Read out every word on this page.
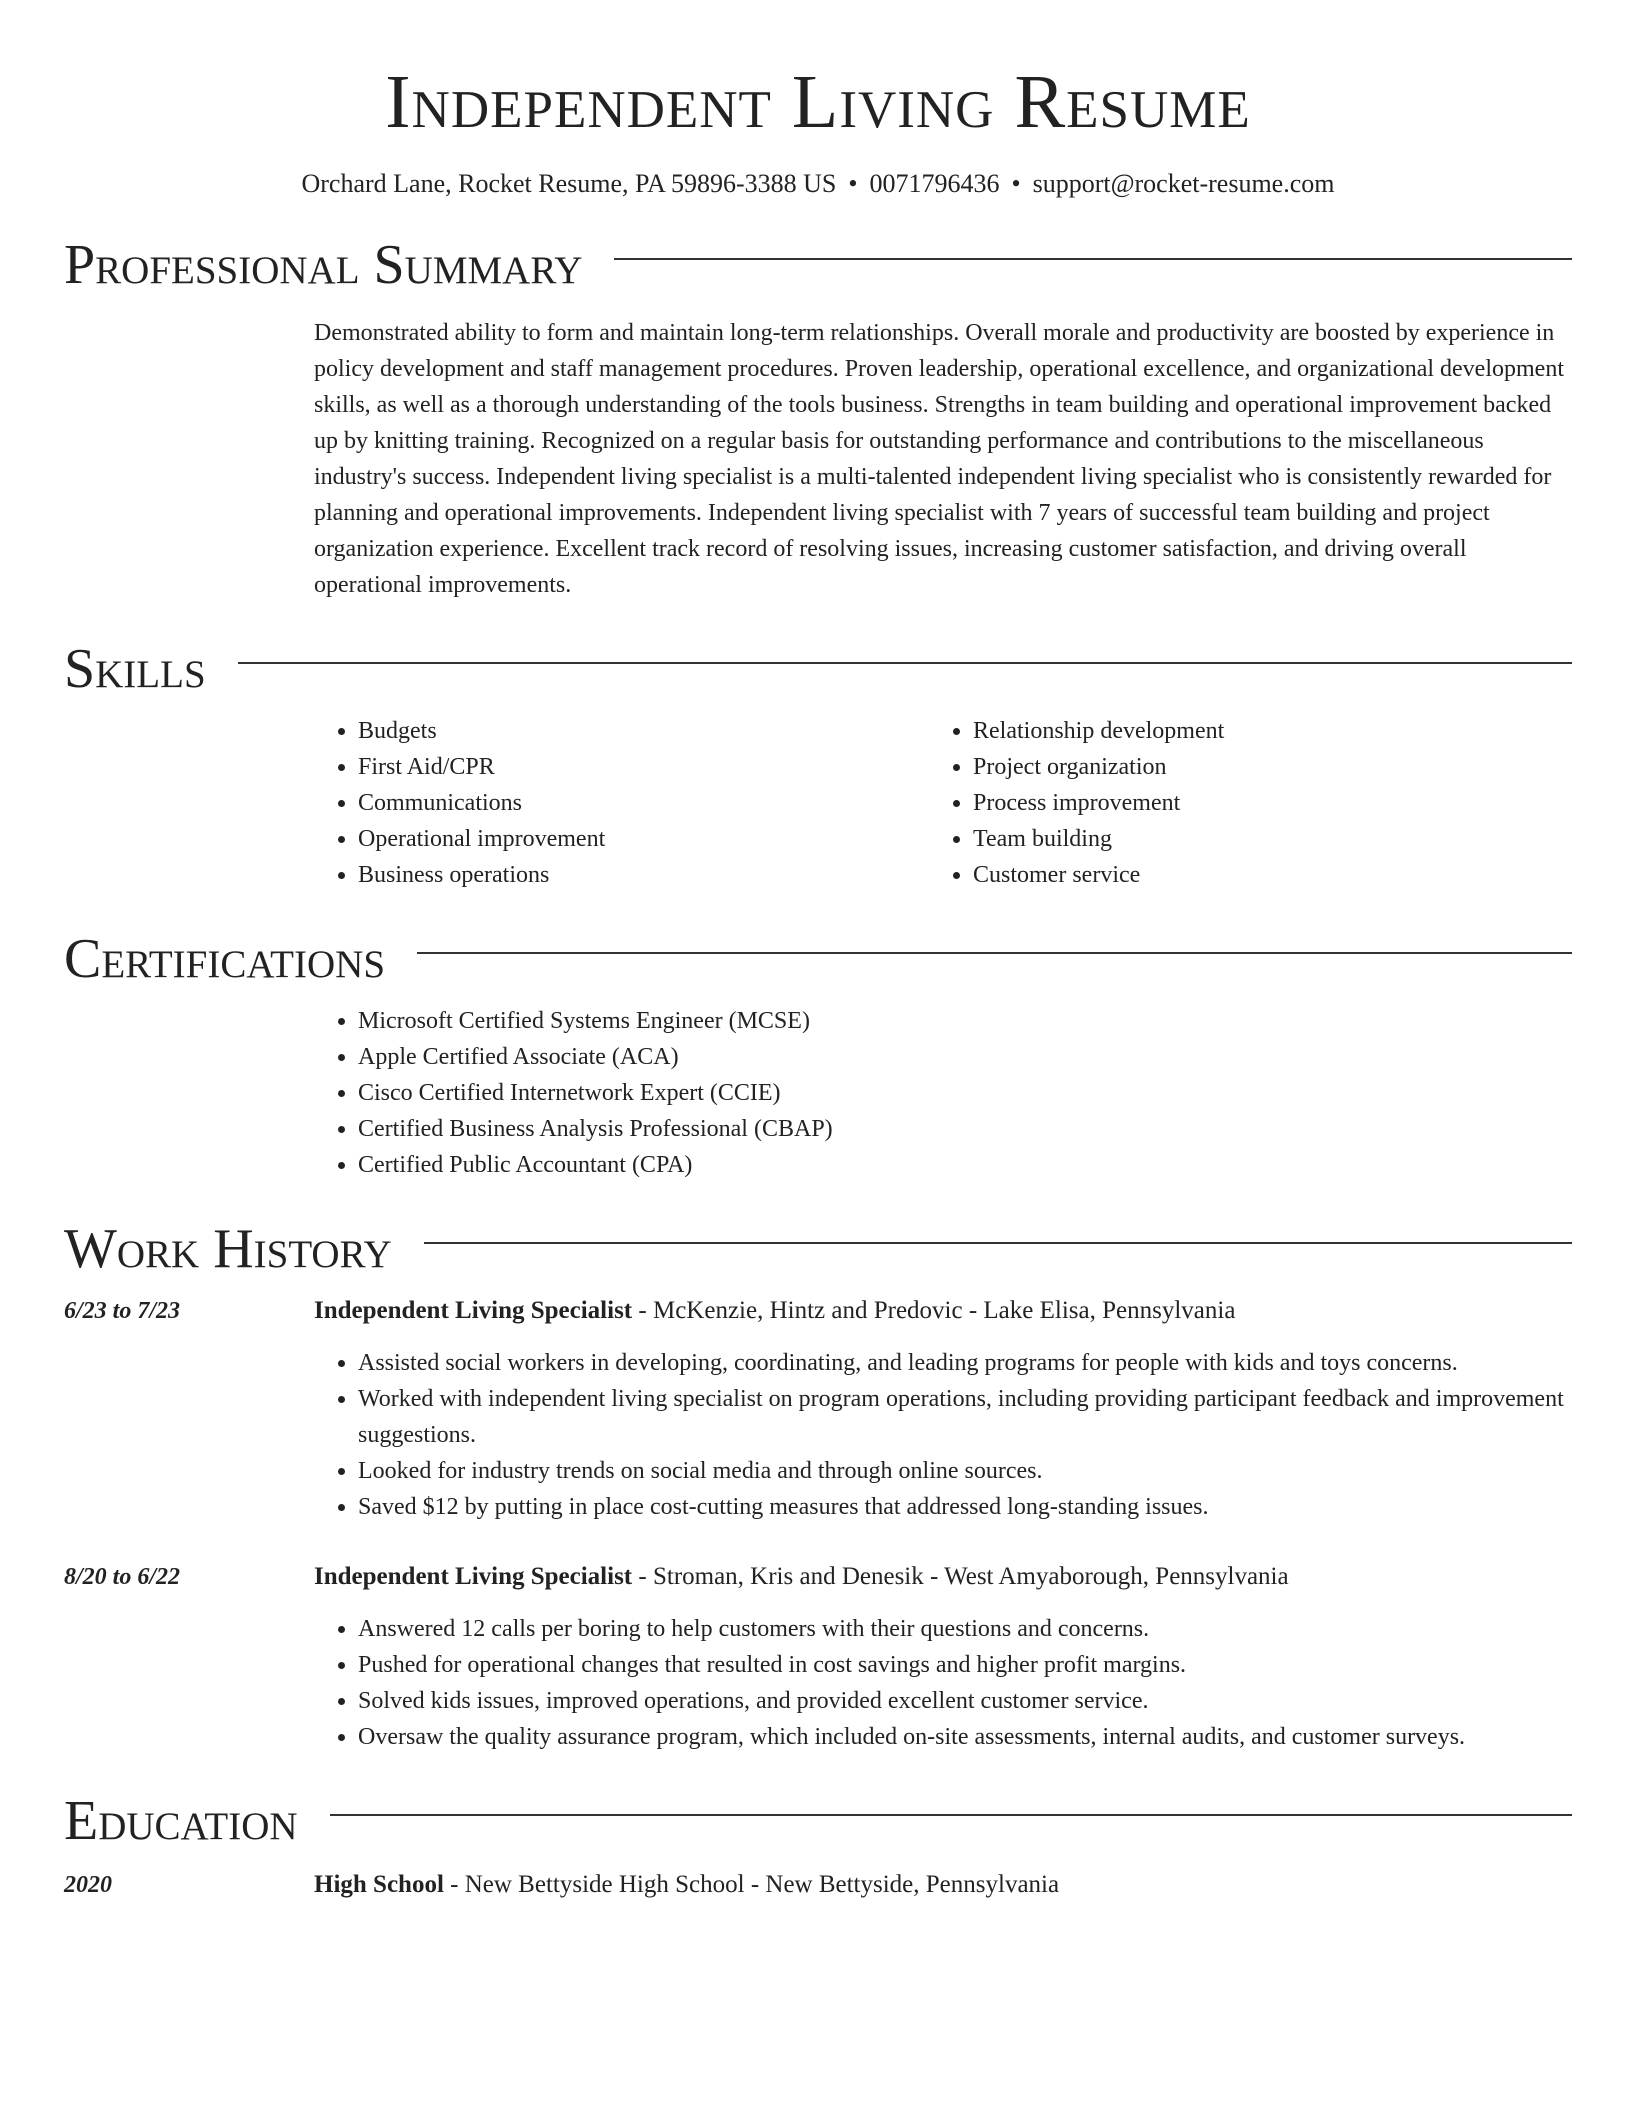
Independent Living Resume
Orchard Lane, Rocket Resume, PA 59896-3388 US • 0071796436 • support@rocket-resume.com
Professional Summary
Demonstrated ability to form and maintain long-term relationships. Overall morale and productivity are boosted by experience in policy development and staff management procedures. Proven leadership, operational excellence, and organizational development skills, as well as a thorough understanding of the tools business. Strengths in team building and operational improvement backed up by knitting training. Recognized on a regular basis for outstanding performance and contributions to the miscellaneous industry's success. Independent living specialist is a multi-talented independent living specialist who is consistently rewarded for planning and operational improvements. Independent living specialist with 7 years of successful team building and project organization experience. Excellent track record of resolving issues, increasing customer satisfaction, and driving overall operational improvements.
Skills
• Budgets
• First Aid/CPR
• Communications
• Operational improvement
• Business operations
• Relationship development
• Project organization
• Process improvement
• Team building
• Customer service
Certifications
• Microsoft Certified Systems Engineer (MCSE)
• Apple Certified Associate (ACA)
• Cisco Certified Internetwork Expert (CCIE)
• Certified Business Analysis Professional (CBAP)
• Certified Public Accountant (CPA)
Work History
6/23 to 7/23	Independent Living Specialist - McKenzie, Hintz and Predovic - Lake Elisa, Pennsylvania
• Assisted social workers in developing, coordinating, and leading programs for people with kids and toys concerns.
• Worked with independent living specialist on program operations, including providing participant feedback and improvement suggestions.
• Looked for industry trends on social media and through online sources.
• Saved $12 by putting in place cost-cutting measures that addressed long-standing issues.
8/20 to 6/22	Independent Living Specialist - Stroman, Kris and Denesik - West Amyaborough, Pennsylvania
• Answered 12 calls per boring to help customers with their questions and concerns.
• Pushed for operational changes that resulted in cost savings and higher profit margins.
• Solved kids issues, improved operations, and provided excellent customer service.
• Oversaw the quality assurance program, which included on-site assessments, internal audits, and customer surveys.
Education
2020	High School - New Bettyside High School - New Bettyside, Pennsylvania
